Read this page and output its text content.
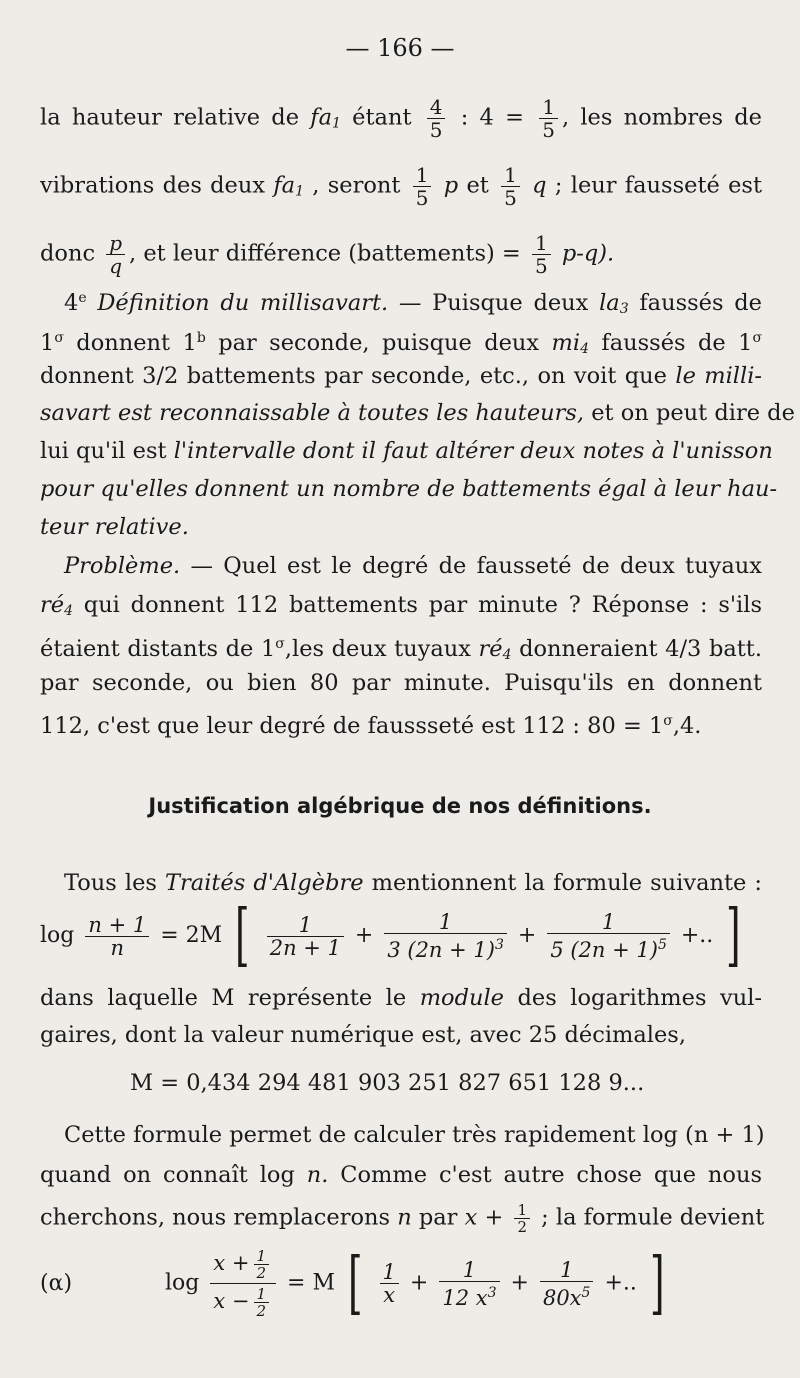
— 166 —
la hauteur relative de $fa_1$ étant $\frac{4}{5}$ : $4 = \frac{1}{5}$ , les nombres de
vibrations des deux $fa_1$ , seront $\frac{1}{5}$ p et $\frac{1}{5}$ q ; leur fausseté est
donc $\frac{p}{q}$ , et leur différence (battements) = $\frac{1}{5} p-q$).
4e Définition du millisavart. — Puisque deux $la_3$ faussés de
$1^\sigma$ donnent 1$^b$ par seconde, puisque deux $mi_4$ faussés de $1^\sigma$
donnent 3/2 battements par seconde, etc., on voit que le milli-
savart est reconnaissable à toutes les hauteurs, et on peut dire de
lui qu'il est l'intervalle dont il faut altérer deux notes à l'unisson
pour qu'elles donnent un nombre de battements égal à leur hau-
teur relative.
Problème. — Quel est le degré de fausseté de deux tuyaux
$ré_4$ qui donnent 112 battements par minute ? Réponse : s'ils
étaient distants de $1^\sigma,les$ deux tuyaux $ré_4$ donneraient 4/3 batt.
par seconde, ou bien 80 par minute. Puisqu'ils en donnent
112, c'est que leur degré de faussseté est 112 : $80 = 1^\sigma,4$.
Justification algébrique de nos définitions.
Tous les Traités d'Algèbre mentionnent la formule suivante :
$\log \frac{n + 1}{n} = 2M$ [ $\frac{1}{2n + 1} + \frac{1}{3 (2n + 1)^3} + \frac{1}{5 (2n + 1)^5}$ +.. ]
dans laquelle M représente le module des logarithmes vul-
gaires, dont la valeur numérique est, avec 25 décimales,
M = 0,434 294 481 903 251 827 651 128 9...
Cette formule permet de calculer très rapidement log (n + 1)
quand on connaît log n. Comme c'est autre chose que nous
cherchons, nous remplacerons n par $x + \frac{1}{2}$ ; la formule devient
(α)	$\log \frac{x + \frac{1}{2}}{x - \frac{1}{2}} = M$ [ $\frac{1}{x} + \frac{1}{12 x^3} + \frac{1}{80x^5}$ +.. ]
